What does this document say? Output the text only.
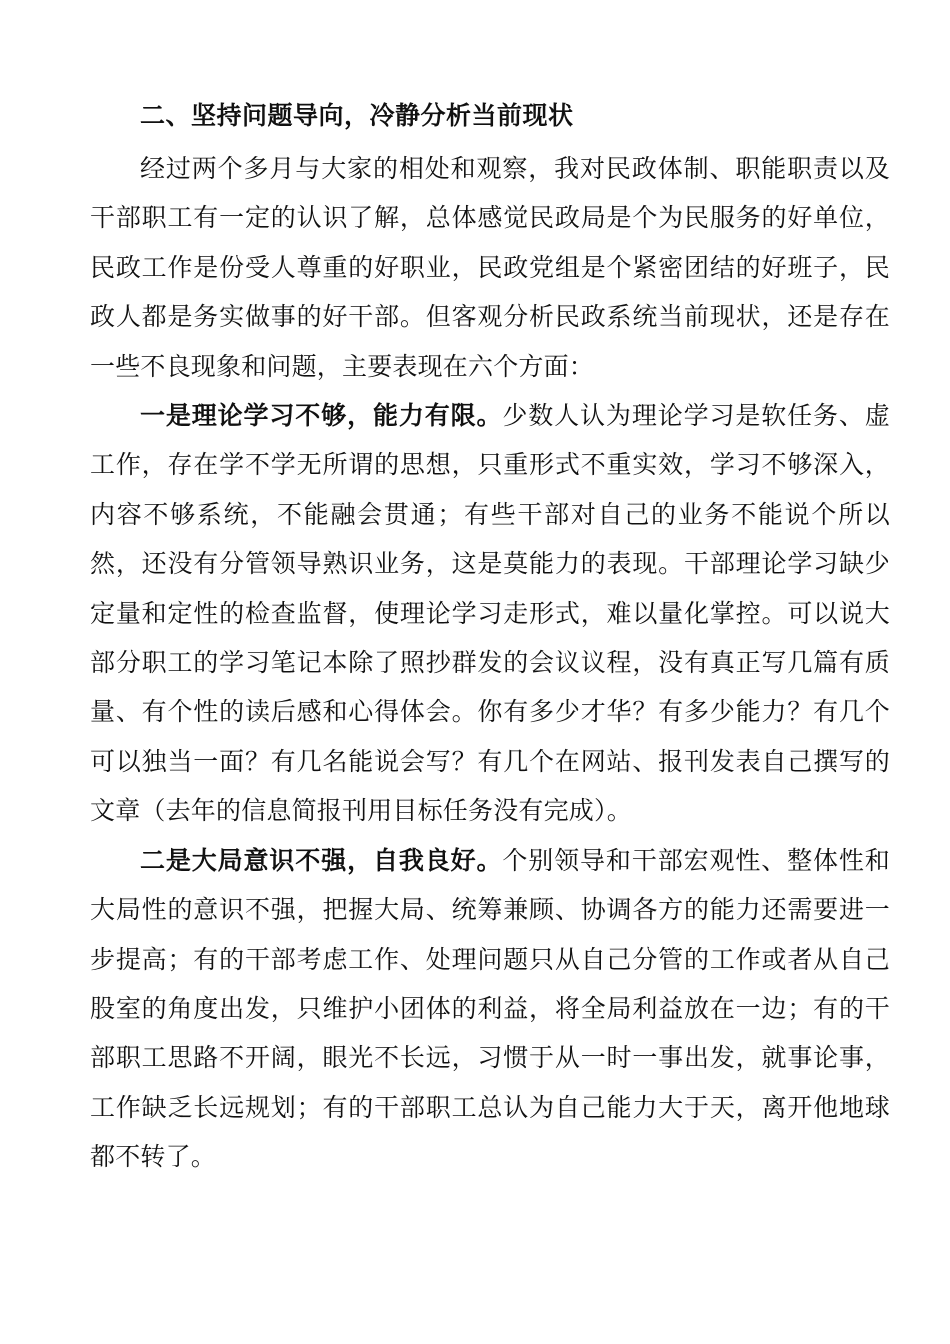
二、坚持问题导向，冷静分析当前现状

经过两个多月与大家的相处和观察，我对民政体制、职能职责以及干部职工有一定的认识了解，总体感觉民政局是个为民服务的好单位，民政工作是份受人尊重的好职业，民政党组是个紧密团结的好班子，民政人都是务实做事的好干部。但客观分析民政系统当前现状，还是存在一些不良现象和问题，主要表现在六个方面：

一是理论学习不够，能力有限。少数人认为理论学习是软任务、虚工作，存在学不学无所谓的思想，只重形式不重实效，学习不够深入，内容不够系统，不能融会贯通；有些干部对自己的业务不能说个所以然，还没有分管领导熟识业务，这是莫能力的表现。干部理论学习缺少定量和定性的检查监督，使理论学习走形式，难以量化掌控。可以说大部分职工的学习笔记本除了照抄群发的会议议程，没有真正写几篇有质量、有个性的读后感和心得体会。你有多少才华？有多少能力？有几个可以独当一面？有几名能说会写？有几个在网站、报刊发表自己撰写的文章（去年的信息简报刊用目标任务没有完成）。

二是大局意识不强，自我良好。个别领导和干部宏观性、整体性和大局性的意识不强，把握大局、统筹兼顾、协调各方的能力还需要进一步提高；有的干部考虑工作、处理问题只从自己分管的工作或者从自己股室的角度出发，只维护小团体的利益，将全局利益放在一边；有的干部职工思路不开阔，眼光不长远，习惯于从一时一事出发，就事论事，工作缺乏长远规划；有的干部职工总认为自己能力大于天，离开他地球都不转了。
